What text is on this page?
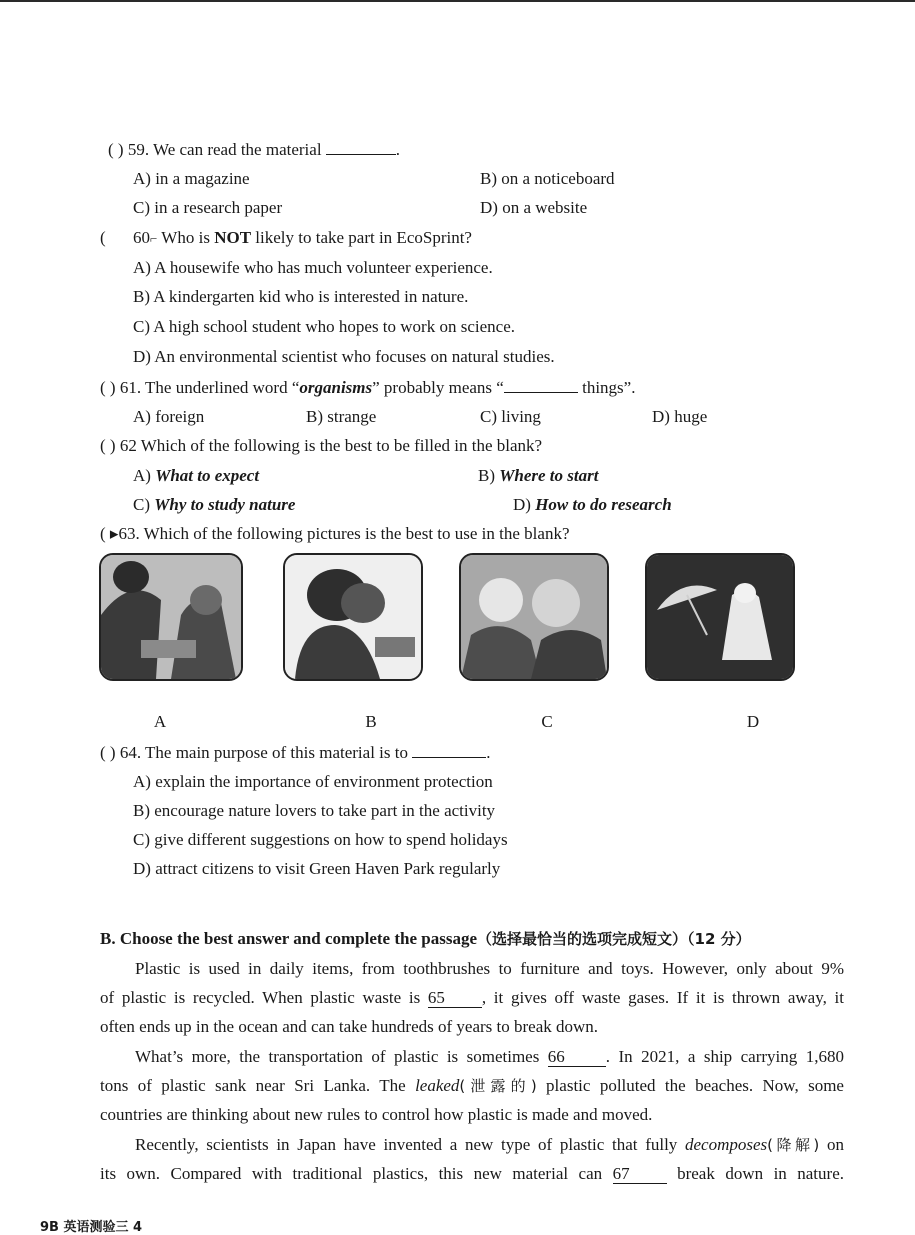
( ) 59. We can read the material	.
A) in a magazine	B) on a noticeboard
C) in a research paper	D) on a website
( 60⌐ Who is NOT likely to take part in EcoSprint?
A) A housewife who has much volunteer experience.
B) A kindergarten kid who is interested in nature.
C) A high school student who hopes to work on science.
D) An environmental scientist who focuses on natural studies.
( ) 61. The underlined word “organisms” probably means “	things”.
A) foreign	B) strange	C) living	D) huge
( ) 62 Which of the following is the best to be filled in the blank?
A) What to expect	B) Where to start
C) Why to study nature	D) How to do research
( ▸63. Which of the following pictures is the best to use in the blank?
A	B	C	D
( ) 64. The main purpose of this material is to	.
A) explain the importance of environment protection
B) encourage nature lovers to take part in the activity
C) give different suggestions on how to spend holidays
D) attract citizens to visit Green Haven Park regularly
B. Choose the best answer and complete the passage（选择最恰当的选项完成短文）（12 分）
Plastic is used in daily items, from toothbrushes to furniture and toys. However, only about 9%
of plastic is recycled. When plastic waste is 65 , it gives off waste gases. If it is thrown away, it
often ends up in the ocean and can take hundreds of years to break down.
What’s more, the transportation of plastic is sometimes 66 . In 2021, a ship carrying 1,680
tons of plastic sank near Sri Lanka. The leaked(泄露的) plastic polluted the beaches. Now, some
countries are thinking about new rules to control how plastic is made and moved.
Recently, scientists in Japan have invented a new type of plastic that fully decomposes(降解) on
its own. Compared with traditional plastics, this new material can 67 break down in nature.
9B 英语测验三 4
